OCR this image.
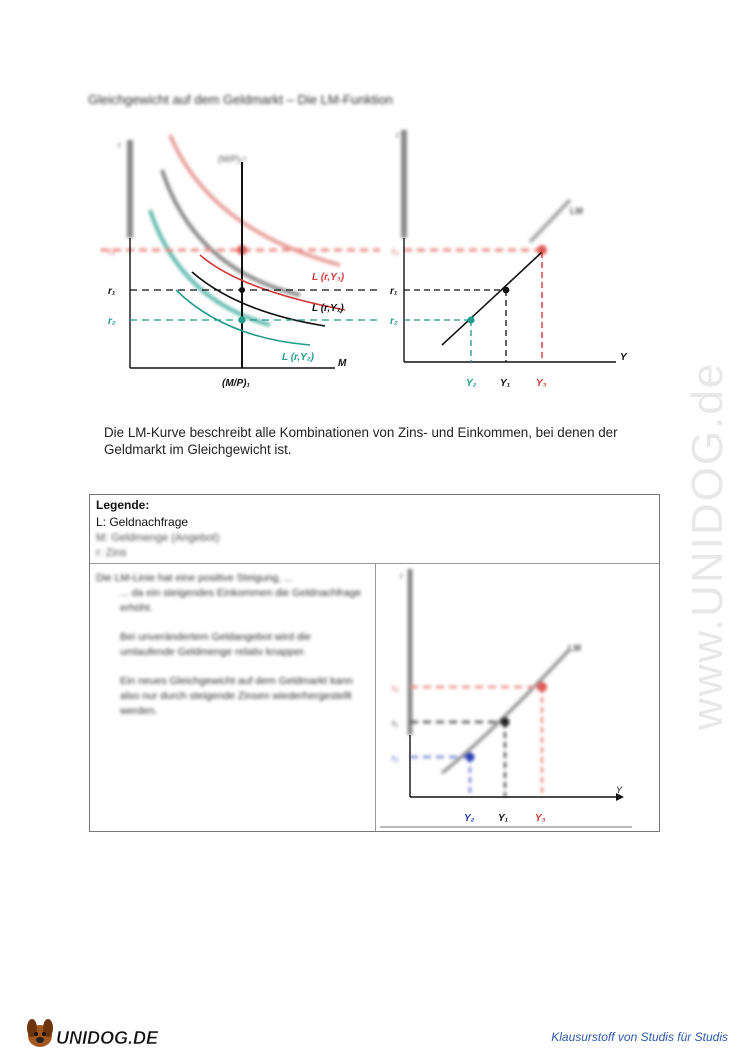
Gleichgewicht auf dem Geldmarkt – Die LM-Funktion
r
(M/P)₁ˢ
r₃
r₁
r₂
L (r,Y₃)
L (r,Y₁)
L (r,Y₂)
M
(M/P)₁
r
LM
r₃
r₁
r₂
Y
Y₂ Y₁	Y₃
Die LM-Kurve beschreibt alle Kombinationen von Zins- und Einkommen, bei denen der Geldmarkt im Gleichgewicht ist.	www.UNIDOG.de
Legende:
L: Geldnachfrage
M: Geldmenge (Angebot)
r: Zins

Die LM-Linie hat eine positive Steigung, ...

... da ein steigendes Einkommen die Geldnachfrage erhöht.

Bei unverändertem Geldangebot wird die umlaufende Geldmenge relativ knapper.

Ein neues Gleichgewicht auf dem Geldmarkt kann also nur durch steigende Zinsen wiederhergestellt werden.

r
LM
r₃
r₁
r₂
Y
Y₂ Y₁	Y₃
UNIDOG.DE	Klausurstoff von Studis für Studis
